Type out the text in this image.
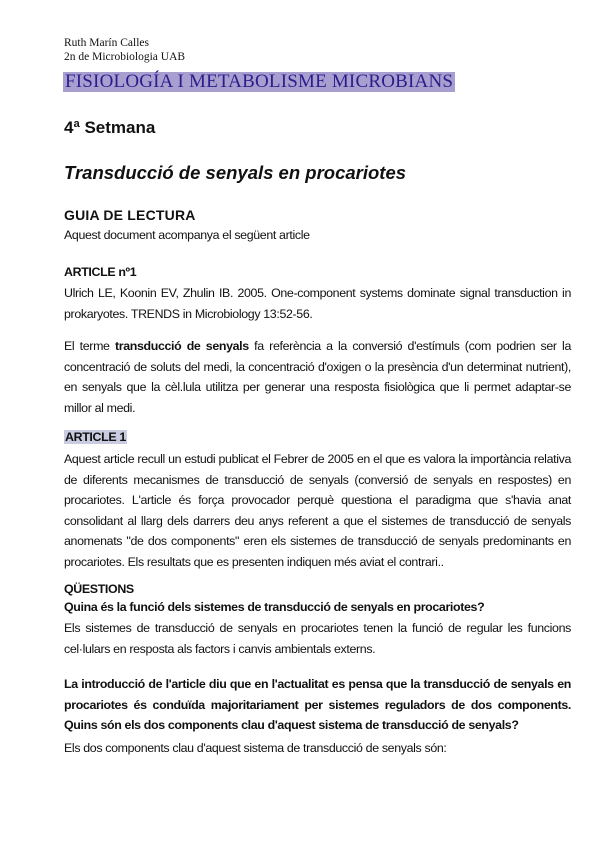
Ruth Marín Calles
2n de Microbiologia UAB
FISIOLOGÍA I METABOLISME MICROBIANS
4ª Setmana
Transducció de senyals en procariotes
GUIA DE LECTURA
Aquest document acompanya el següent article
ARTICLE nº1
Ulrich LE, Koonin EV, Zhulin IB. 2005. One-component systems dominate signal transduction in prokaryotes. TRENDS in Microbiology 13:52-56.
El terme transducció de senyals fa referència a la conversió d'estímuls (com podrien ser la concentració de soluts del medi, la concentració d'oxigen o la presència d'un determinat nutrient), en senyals que la cèl.lula utilitza per generar una resposta fisiològica que li permet adaptar-se millor al medi.
ARTICLE 1
Aquest article recull un estudi publicat el Febrer de 2005 en el que es valora la importància relativa de diferents mecanismes de transducció de senyals (conversió de senyals en respostes) en procariotes. L'article és força provocador perquè questiona el paradigma que s'havia anat consolidant al llarg dels darrers deu anys referent a que el sistemes de transducció de senyals anomenats "de dos components" eren els sistemes de transducció de senyals predominants en procariotes. Els resultats que es presenten indiquen més aviat el contrari..
QÜESTIONS
Quina és la funció dels sistemes de transducció de senyals en procariotes?
Els sistemes de transducció de senyals en procariotes tenen la funció de regular les funcions cel·lulars en resposta als factors i canvis ambientals externs.
La introducció de l'article diu que en l'actualitat es pensa que la transducció de senyals en procariotes és conduïda majoritariament per sistemes reguladors de dos components. Quins són els dos components clau d'aquest sistema de transducció de senyals?
Els dos components clau d'aquest sistema de transducció de senyals són:
